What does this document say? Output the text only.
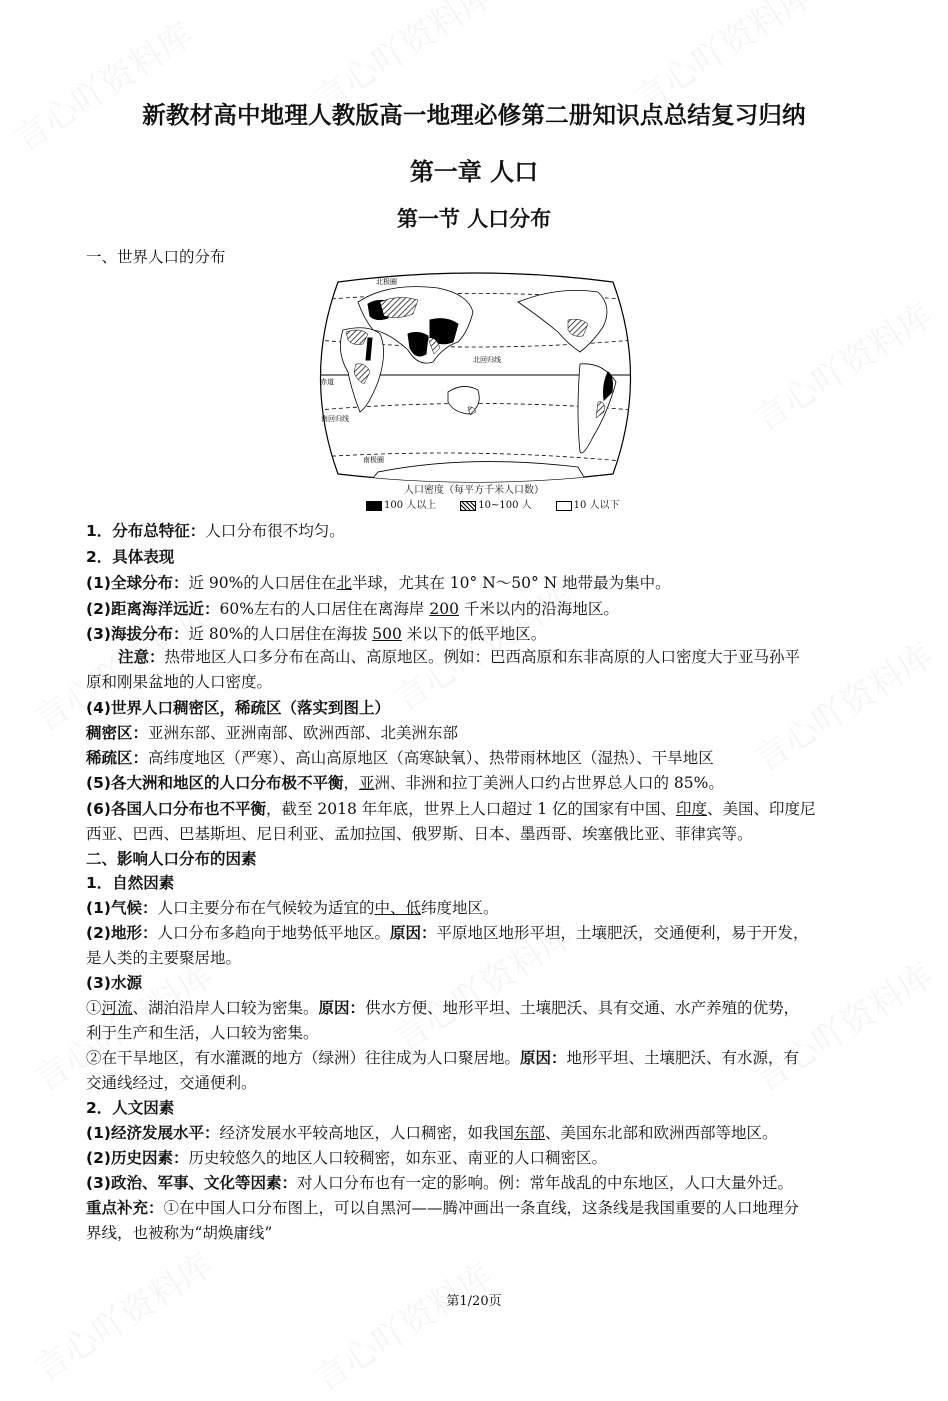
新教材高中地理人教版高一地理必修第二册知识点总结复习归纳
第一章 人口
第一节 人口分布
北极圈
北回归线
赤道
南回归线
南极圈
人口密度（每平方千米人口数）
100 人以上	10~100 人	10 人以下
一、世界人口的分布
1．分布总特征：人口分布很不均匀。
2．具体表现
(1)全球分布：近 90%的人口居住在北半球，尤其在 10° N～50° N 地带最为集中。
(2)距离海洋远近：60%左右的人口居住在离海岸 200 千米以内的沿海地区。
(3)海拔分布：近 80%的人口居住在海拔 500 米以下的低平地区。
注意：热带地区人口多分布在高山、高原地区。例如：巴西高原和东非高原的人口密度大于亚马孙平
原和刚果盆地的人口密度。
(4)世界人口稠密区，稀疏区（落实到图上）
稠密区：亚洲东部、亚洲南部、欧洲西部、北美洲东部
稀疏区：高纬度地区（严寒）、高山高原地区（高寒缺氧）、热带雨林地区（湿热）、干旱地区
(5)各大洲和地区的人口分布极不平衡，亚洲、非洲和拉丁美洲人口约占世界总人口的 85%。
(6)各国人口分布也不平衡，截至 2018 年年底，世界上人口超过 1 亿的国家有中国、印度、美国、印度尼
西亚、巴西、巴基斯坦、尼日利亚、孟加拉国、俄罗斯、日本、墨西哥、埃塞俄比亚、菲律宾等。
二、影响人口分布的因素
1．自然因素
(1)气候：人口主要分布在气候较为适宜的中、低纬度地区。
(2)地形：人口分布多趋向于地势低平地区。原因：平原地区地形平坦，土壤肥沃，交通便利，易于开发，
是人类的主要聚居地。
(3)水源
①河流、湖泊沿岸人口较为密集。原因：供水方便、地形平坦、土壤肥沃、具有交通、水产养殖的优势，
利于生产和生活，人口较为密集。
②在干旱地区，有水灌溉的地方（绿洲）往往成为人口聚居地。原因：地形平坦、土壤肥沃、有水源，有
交通线经过，交通便利。
2．人文因素
(1)经济发展水平：经济发展水平较高地区，人口稠密，如我国东部、美国东北部和欧洲西部等地区。
(2)历史因素：历史较悠久的地区人口较稠密，如东亚、南亚的人口稠密区。
(3)政治、军事、文化等因素：对人口分布也有一定的影响。例：常年战乱的中东地区，人口大量外迁。
重点补充：①在中国人口分布图上，可以自黑河——腾冲画出一条直线，这条线是我国重要的人口地理分
界线，也被称为“胡焕庸线”
第1/20页
